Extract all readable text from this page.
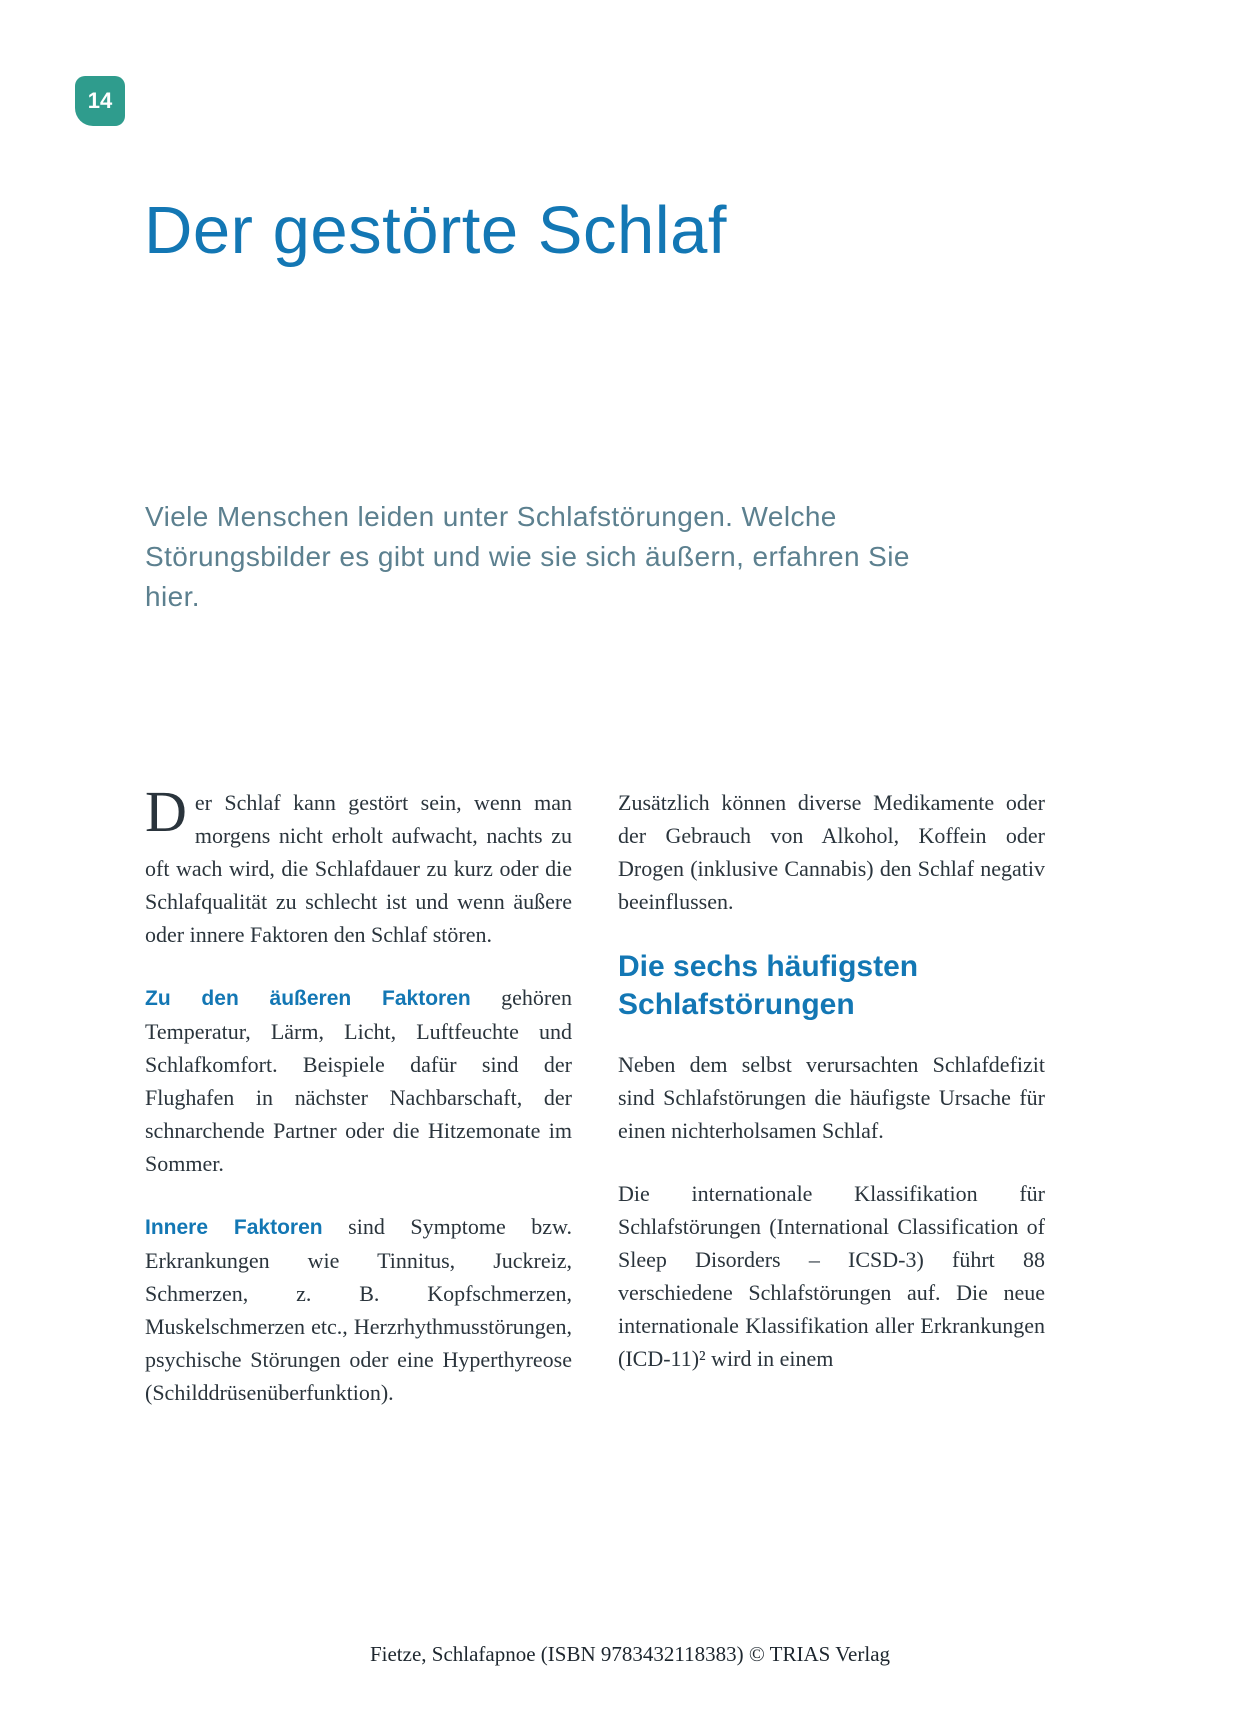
14
Der gestörte Schlaf

Viele Menschen leiden unter Schlafstörungen. Welche Störungsbilder es gibt und wie sie sich äußern, erfahren Sie hier.

Der Schlaf kann gestört sein, wenn man morgens nicht erholt aufwacht, nachts zu oft wach wird, die Schlafdauer zu kurz oder die Schlafqualität zu schlecht ist und wenn äußere oder innere Faktoren den Schlaf stören.

Zu den äußeren Faktoren gehören Temperatur, Lärm, Licht, Luftfeuchte und Schlafkomfort. Beispiele dafür sind der Flughafen in nächster Nachbarschaft, der schnarchende Partner oder die Hitzemonate im Sommer.

Innere Faktoren sind Symptome bzw. Erkrankungen wie Tinnitus, Juckreiz, Schmerzen, z. B. Kopfschmerzen, Muskelschmerzen etc., Herzrhythmusstörungen, psychische Störungen oder eine Hyperthyreose (Schilddrüsenüberfunktion).

Zusätzlich können diverse Medikamente oder der Gebrauch von Alkohol, Koffein oder Drogen (inklusive Cannabis) den Schlaf negativ beeinflussen.

Die sechs häufigsten Schlafstörungen

Neben dem selbst verursachten Schlafdefizit sind Schlafstörungen die häufigste Ursache für einen nichterholsamen Schlaf.

Die internationale Klassifikation für Schlafstörungen (International Classification of Sleep Disorders – ICSD-3) führt 88 verschiedene Schlafstörungen auf. Die neue internationale Klassifikation aller Erkrankungen (ICD-11)² wird in einem

Fietze, Schlafapnoe (ISBN 9783432118383) © TRIAS Verlag
